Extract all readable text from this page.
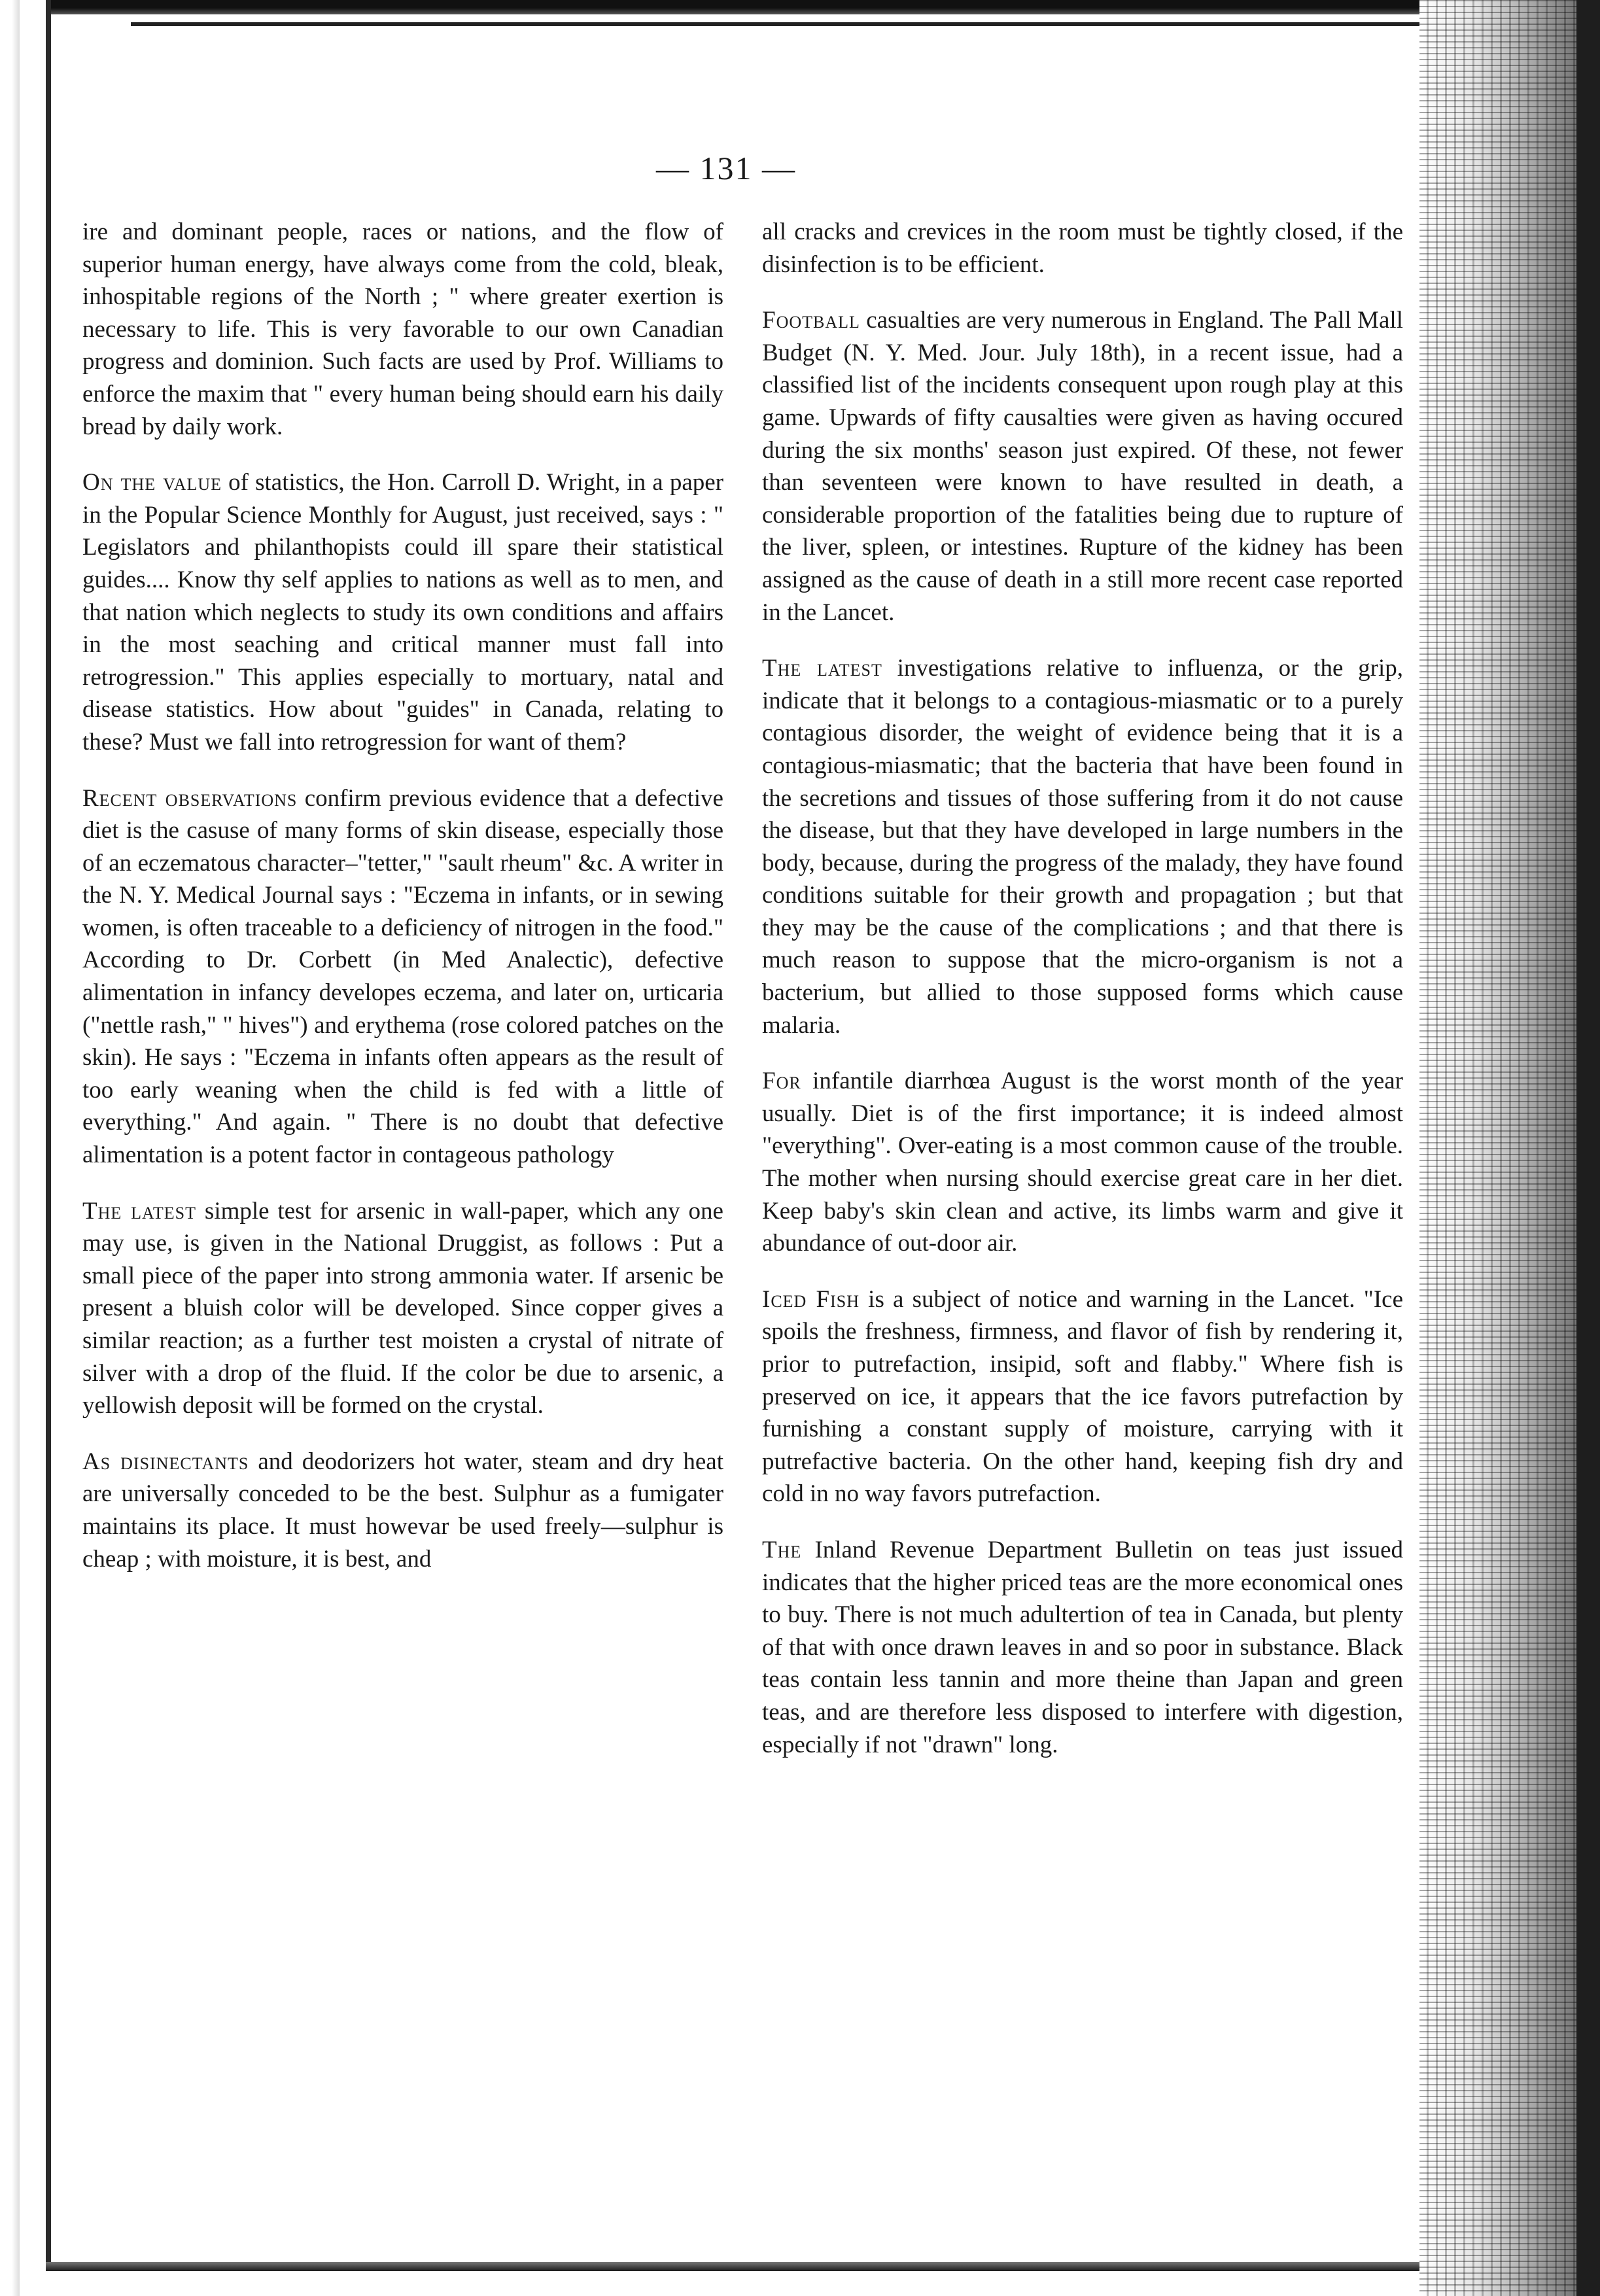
— 131 —

ire and dominant people, races or nations, and the flow of superior human energy, have always come from the cold, bleak, inhospitable regions of the North ; " where greater exertion is necessary to life. This is very favorable to our own Canadian progress and dominion. Such facts are used by Prof. Williams to enforce the maxim that " every human being should earn his daily bread by daily work.

On the value of statistics, the Hon. Carroll D. Wright, in a paper in the Popular Science Monthly for August, just received, says : " Legislators and philanthopists could ill spare their statistical guides.... Know thy self applies to nations as well as to men, and that nation which neglects to study its own conditions and affairs in the most seaching and critical manner must fall into retrogression." This applies especially to mortuary, natal and disease statistics. How about "guides" in Canada, relating to these? Must we fall into retrogression for want of them?

Recent observations confirm previous evidence that a defective diet is the casuse of many forms of skin disease, especially those of an eczematous character–"tetter," "sault rheum" &c. A writer in the N. Y. Medical Journal says : "Eczema in infants, or in sewing women, is often traceable to a deficiency of nitrogen in the food." According to Dr. Corbett (in Med Analectic), defective alimentation in infancy developes eczema, and later on, urticaria ("nettle rash," " hives") and erythema (rose colored patches on the skin). He says : "Eczema in infants often appears as the result of too early weaning when the child is fed with a little of everything." And again. " There is no doubt that defective alimentation is a potent factor in contageous pathology

The latest simple test for arsenic in wall-paper, which any one may use, is given in the National Druggist, as follows : Put a small piece of the paper into strong ammonia water. If arsenic be present a bluish color will be developed. Since copper gives a similar reaction; as a further test moisten a crystal of nitrate of silver with a drop of the fluid. If the color be due to arsenic, a yellowish deposit will be formed on the crystal.

As disinectants and deodorizers hot water, steam and dry heat are universally conceded to be the best. Sulphur as a fumigater maintains its place. It must howevar be used freely—sulphur is cheap ; with moisture, it is best, and

all cracks and crevices in the room must be tightly closed, if the disinfection is to be efficient.

Football casualties are very numerous in England. The Pall Mall Budget (N. Y. Med. Jour. July 18th), in a recent issue, had a classified list of the incidents consequent upon rough play at this game. Upwards of fifty causalties were given as having occured during the six months' season just expired. Of these, not fewer than seventeen were known to have resulted in death, a considerable proportion of the fatalities being due to rupture of the liver, spleen, or intestines. Rupture of the kidney has been assigned as the cause of death in a still more recent case reported in the Lancet.

The latest investigations relative to influenza, or the grip, indicate that it belongs to a contagious-miasmatic or to a purely contagious disorder, the weight of evidence being that it is a contagious-miasmatic; that the bacteria that have been found in the secretions and tissues of those suffering from it do not cause the disease, but that they have developed in large numbers in the body, because, during the progress of the malady, they have found conditions suitable for their growth and propagation ; but that they may be the cause of the complications ; and that there is much reason to suppose that the micro-organism is not a bacterium, but allied to those supposed forms which cause malaria.

For infantile diarrhœa August is the worst month of the year usually. Diet is of the first importance; it is indeed almost "everything". Over-eating is a most common cause of the trouble. The mother when nursing should exercise great care in her diet. Keep baby's skin clean and active, its limbs warm and give it abundance of out-door air.

Iced Fish is a subject of notice and warning in the Lancet. "Ice spoils the freshness, firmness, and flavor of fish by rendering it, prior to putrefaction, insipid, soft and flabby." Where fish is preserved on ice, it appears that the ice favors putrefaction by furnishing a constant supply of moisture, carrying with it putrefactive bacteria. On the other hand, keeping fish dry and cold in no way favors putrefaction.

The Inland Revenue Department Bulletin on teas just issued indicates that the higher priced teas are the more economical ones to buy. There is not much adultertion of tea in Canada, but plenty of that with once drawn leaves in and so poor in substance. Black teas contain less tannin and more theine than Japan and green teas, and are therefore less disposed to interfere with digestion, especially if not "drawn" long.
